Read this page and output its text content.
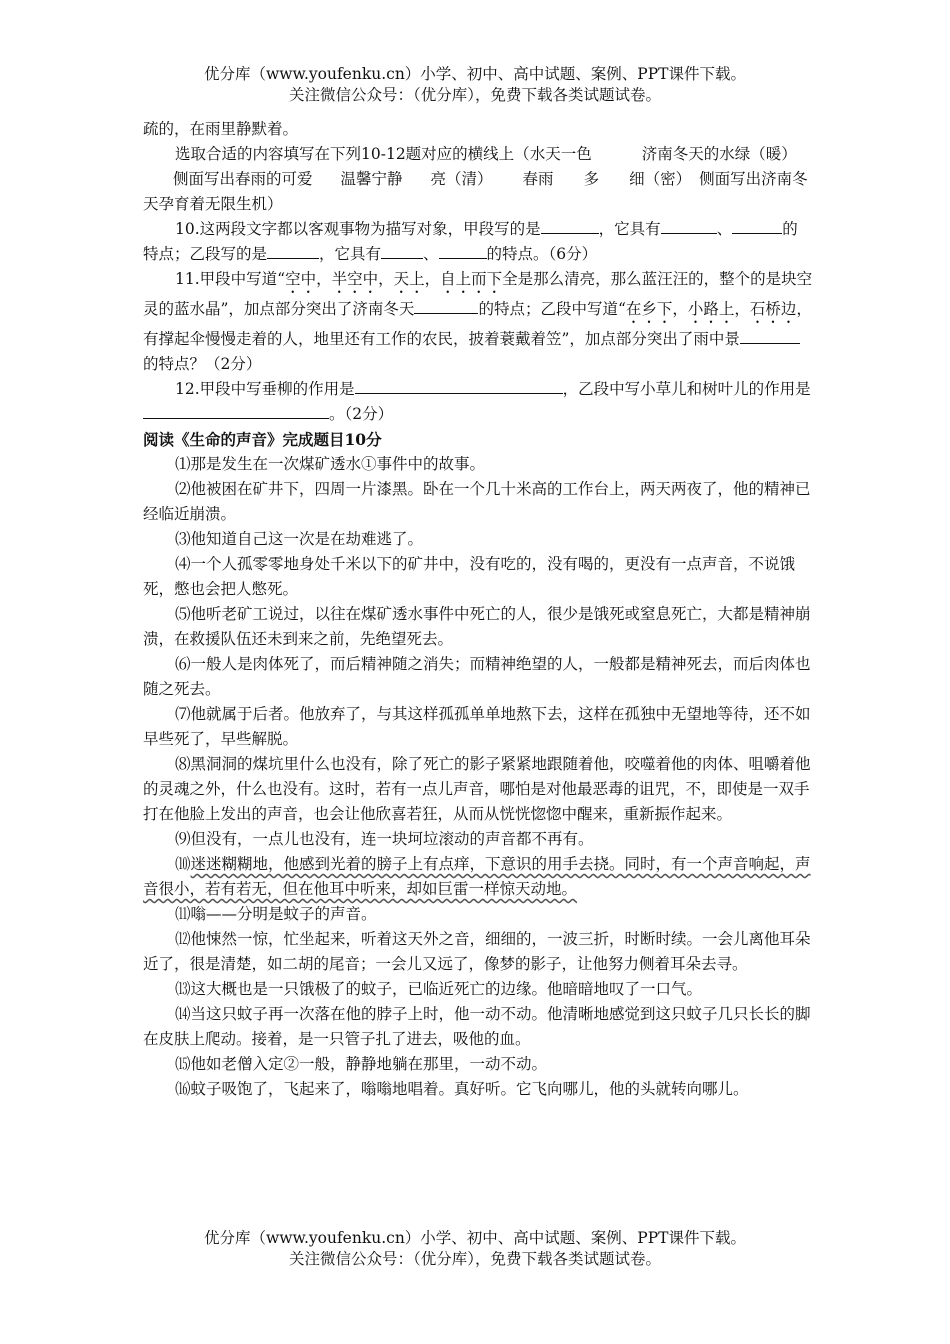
优分库（www.youfenku.cn）小学、初中、高中试题、案例、PPT课件下载。
关注微信公众号：（优分库），免费下载各类试题试卷。

疏的，在雨里静默着。

选取合适的内容填写在下列10-12题对应的横线上（水天一色	济南冬天的水绿（暖）侧面写出春雨的可爱 温馨宁静 亮（清） 春雨 多 细（密） 侧面写出济南冬天孕育着无限生机）

10.这两段文字都以客观事物为描写对象，甲段写的是	，它具有	、	的特点；乙段写的是	，它具有	、	的特点。（6分）

11.甲段中写道“空中，半空中，天上，自上而下全是那么清亮，那么蓝汪汪的，整个的是块空灵的蓝水晶”，加点部分突出了济南冬天	的特点；乙段中写道“在乡下，小路上，石桥边，有撑起伞慢慢走着的人，地里还有工作的农民，披着蓑戴着笠”，加点部分突出了雨中景的特点？（2分）

12.甲段中写垂柳的作用是	，乙段中写小草儿和树叶儿的作用是。（2分）

阅读《生命的声音》完成题目10分

⑴那是发生在一次煤矿透水①事件中的故事。

⑵他被困在矿井下，四周一片漆黑。卧在一个几十米高的工作台上，两天两夜了，他的精神已经临近崩溃。

⑶他知道自己这一次是在劫难逃了。

⑷一个人孤零零地身处千米以下的矿井中，没有吃的，没有喝的，更没有一点声音，不说饿死，憋也会把人憋死。

⑸他听老矿工说过，以往在煤矿透水事件中死亡的人，很少是饿死或窒息死亡，大都是精神崩溃，在救援队伍还未到来之前，先绝望死去。

⑹一般人是肉体死了，而后精神随之消失；而精神绝望的人，一般都是精神死去，而后肉体也随之死去。

⑺他就属于后者。他放弃了，与其这样孤孤单单地熬下去，这样在孤独中无望地等待，还不如早些死了，早些解脱。

⑻黑洞洞的煤坑里什么也没有，除了死亡的影子紧紧地跟随着他，咬噬着他的肉体、咀嚼着他的灵魂之外，什么也没有。这时，若有一点儿声音，哪怕是对他最恶毒的诅咒，不，即使是一双手打在他脸上发出的声音，也会让他欣喜若狂，从而从恍恍惚惚中醒来，重新振作起来。

⑼但没有，一点儿也没有，连一块坷垃滚动的声音都不再有。

⑽迷迷糊糊地，他感到光着的膀子上有点痒，下意识的用手去挠。同时，有一个声音响起，声音很小，若有若无，但在他耳中听来，却如巨雷一样惊天动地。

⑾嗡——分明是蚊子的声音。

⑿他悚然一惊，忙坐起来，听着这天外之音，细细的，一波三折，时断时续。一会儿离他耳朵近了，很是清楚，如二胡的尾音；一会儿又远了，像梦的影子，让他努力侧着耳朵去寻。

⒀这大概也是一只饿极了的蚊子，已临近死亡的边缘。他暗暗地叹了一口气。

⒁当这只蚊子再一次落在他的脖子上时，他一动不动。他清晰地感觉到这只蚊子几只长长的脚在皮肤上爬动。接着，是一只管子扎了进去，吸他的血。

⒂他如老僧入定②一般，静静地躺在那里，一动不动。

⒃蚊子吸饱了，飞起来了，嗡嗡地唱着。真好听。它飞向哪儿，他的头就转向哪儿。

优分库（www.youfenku.cn）小学、初中、高中试题、案例、PPT课件下载。
关注微信公众号：（优分库），免费下载各类试题试卷。
